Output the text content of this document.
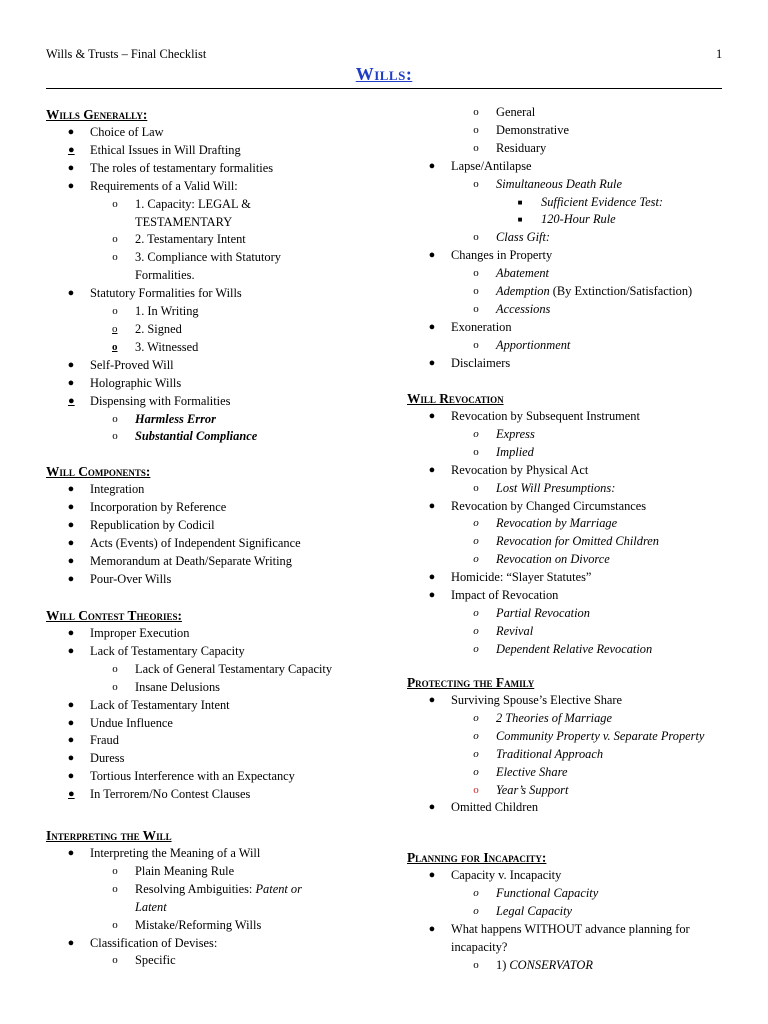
Wills & Trusts – Final Checklist	1
Wills:
Wills Generally:
● Choice of Law
●	Ethical Issues in Will Drafting
● The roles of testamentary formalities
● Requirements of a Valid Will:
o	1. Capacity: LEGAL & TESTAMENTARY
o	2. Testamentary Intent
o	3. Compliance with Statutory Formalities.
● Statutory Formalities for Wills
o	1. In Writing
o	2. Signed
o	3. Witnessed
● Self-Proved Will
● Holographic Wills
●	Dispensing with Formalities
o	Harmless Error
o	Substantial Compliance
Will Components:
● Integration
● Incorporation by Reference
● Republication by Codicil
● Acts (Events) of Independent Significance
● Memorandum at Death/Separate Writing
● Pour-Over Wills
Will Contest Theories:
● Improper Execution
● Lack of Testamentary Capacity
o	Lack of General Testamentary Capacity
o	Insane Delusions
● Lack of Testamentary Intent
● Undue Influence
● Fraud
● Duress
● Tortious Interference with an Expectancy
●	In Terrorem/No Contest Clauses
Interpreting the Will
● Interpreting the Meaning of a Will
o	Plain Meaning Rule
o	Resolving Ambiguities: Patent or Latent
o	Mistake/Reforming Wills
● Classification of Devises:
o	Specific
o	General
o	Demonstrative
o	Residuary
● Lapse/Antilapse
o	Simultaneous Death Rule
■	Sufficient Evidence Test:
■	120-Hour Rule
o	Class Gift:
● Changes in Property
o	Abatement
o	Ademption (By Extinction/Satisfaction)
o	Accessions
● Exoneration
o	Apportionment
● Disclaimers
Will Revocation
● Revocation by Subsequent Instrument
o	Express
o	Implied
● Revocation by Physical Act
o	Lost Will Presumptions:
● Revocation by Changed Circumstances
o	Revocation by Marriage
o	Revocation for Omitted Children
o	Revocation on Divorce
● Homicide: “Slayer Statutes”
● Impact of Revocation
o	Partial Revocation
o	Revival
o	Dependent Relative Revocation
Protecting the Family
● Surviving Spouse’s Elective Share
o	2 Theories of Marriage
o	Community Property v. Separate Property
o	Traditional Approach
o	Elective Share
o	Year’s Support
● Omitted Children
Planning for Incapacity:
● Capacity v. Incapacity
o	Functional Capacity
o	Legal Capacity
● What happens WITHOUT advance planning for incapacity?
o	1) CONSERVATOR
